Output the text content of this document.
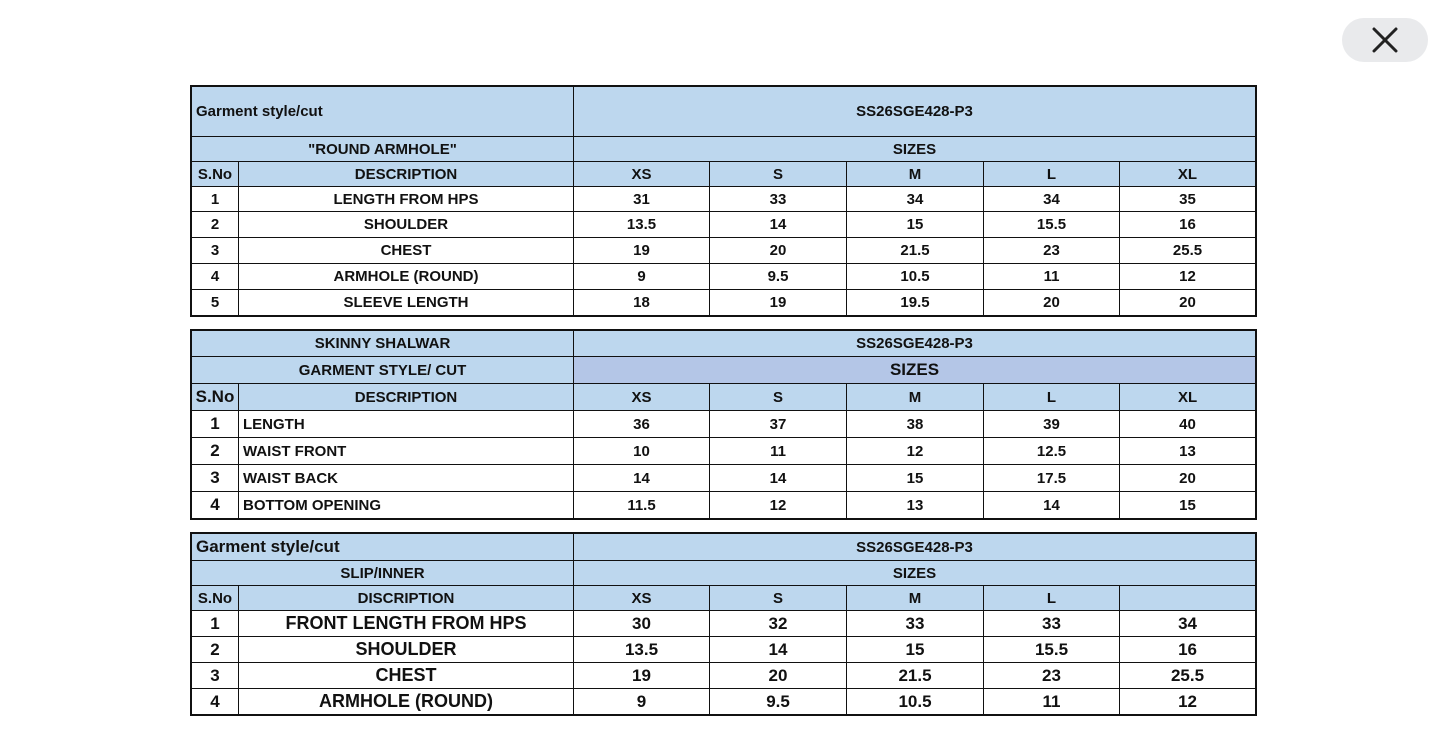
Garment style/cut		SS26SGE428-P3				
"ROUND ARMHOLE"		SIZES				
S.No	DESCRIPTION	XS	S	M	L	XL
1	LENGTH FROM HPS	31	33	34	34	35
2	SHOULDER	13.5	14	15	15.5	16
3	CHEST	19	20	21.5	23	25.5
4	ARMHOLE (ROUND)	9	9.5	10.5	11	12
5	SLEEVE LENGTH	18	19	19.5	20	20
SKINNY SHALWAR		SS26SGE428-P3				
GARMENT STYLE/ CUT		SIZES				
S.No	DESCRIPTION	XS	S	M	L	XL
1	LENGTH	36	37	38	39	40
2	WAIST FRONT	10	11	12	12.5	13
3	WAIST BACK	14	14	15	17.5	20
4	BOTTOM OPENING	11.5	12	13	14	15
Garment style/cut		SS26SGE428-P3				
SLIP/INNER		SIZES				
S.No	DISCRIPTION	XS	S	M	L	
1	FRONT LENGTH FROM HPS	30	32	33	33	34
2	SHOULDER	13.5	14	15	15.5	16
3	CHEST	19	20	21.5	23	25.5
4	ARMHOLE (ROUND)	9	9.5	10.5	11	12
